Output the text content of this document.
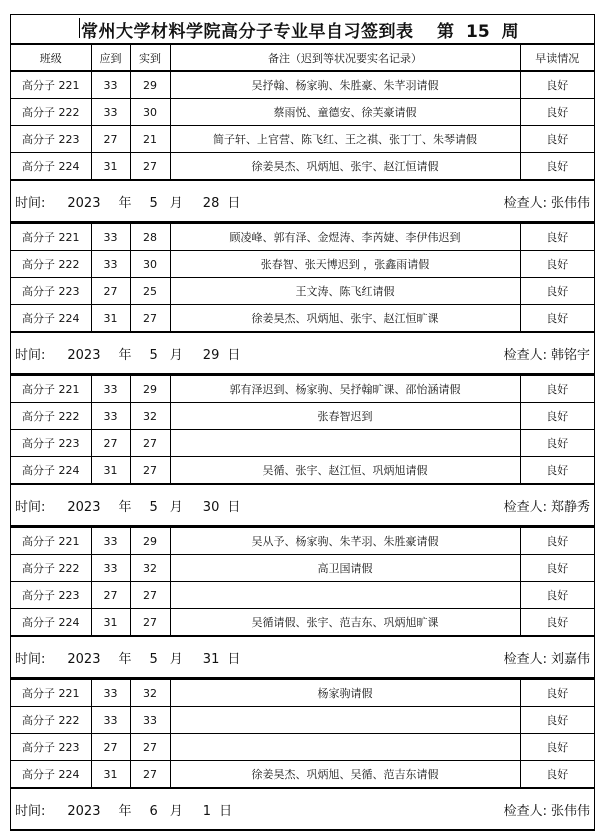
常州大学材料学院高分子专业早自习签到表	第 15 周
班级	应到	实到	备注（迟到等状况要实名记录）	早读情况
高分子 221	33	29	吴抒翰、杨家驹、朱胜豪、朱芊羽请假	良好
高分子 222	33	30	蔡雨悦、童德安、徐芙豪请假	良好
高分子 223	27	21	简子轩、上官营、陈飞红、王之祺、张丁丁、朱琴请假	良好
高分子 224	31	27	徐姜昊杰、巩炳旭、张宇、赵江恒请假	良好
时间: 2023 年 5 月 28 日	检查人: 张伟伟
高分子 221	33	28	顾凌峰、郭有泽、金煜涛、李芮婕、李伊伟迟到	良好
高分子 222	33	30	张春智、张天博迟到 ，张鑫雨请假	良好
高分子 223	27	25	王文涛、陈飞红请假	良好
高分子 224	31	27	徐姜昊杰、巩炳旭、张宇、赵江恒旷课	良好
时间: 2023 年 5 月 29 日	检查人: 韩铭宇
高分子 221	33	29	郭有泽迟到、杨家驹、吴抒翰旷课、邵怡涵请假	良好
高分子 222	33	32	张春智迟到	良好
高分子 223	27	27		良好
高分子 224	31	27	吴循、张宇、赵江恒、巩炳旭请假	良好
时间: 2023 年 5 月 30 日	检查人: 郑静秀
高分子 221	33	29	吴从予、杨家驹、朱芊羽、朱胜豪请假	良好
高分子 222	33	32	高卫国请假	良好
高分子 223	27	27		良好
高分子 224	31	27	吴循请假、张宇、范吉东、巩炳旭旷课	良好
时间: 2023 年 5 月 31 日	检查人: 刘嘉伟
高分子 221	33	32	杨家驹请假	良好
高分子 222	33	33		良好
高分子 223	27	27		良好
高分子 224	31	27	徐姜昊杰、巩炳旭、吴循、范吉东请假	良好
时间: 2023 年 6 月 1 日	检查人: 张伟伟
